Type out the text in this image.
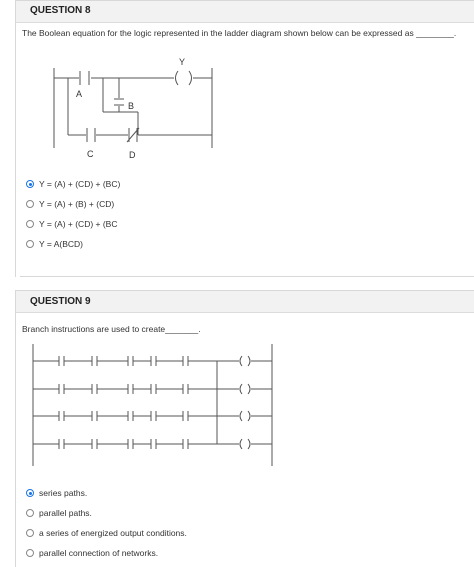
QUESTION 8
The Boolean equation for the logic represented in the ladder diagram shown below can be expressed as ________.
A
B
C	D
Y
Y = (A) + (CD) + (BC)
Y = (A) + (B) + (CD)
Y = (A) + (CD) + (BC
Y = A(BCD)
QUESTION 9
Branch instructions are used to create_______.
series paths.
parallel paths.
a series of energized output conditions.
parallel connection of networks.
